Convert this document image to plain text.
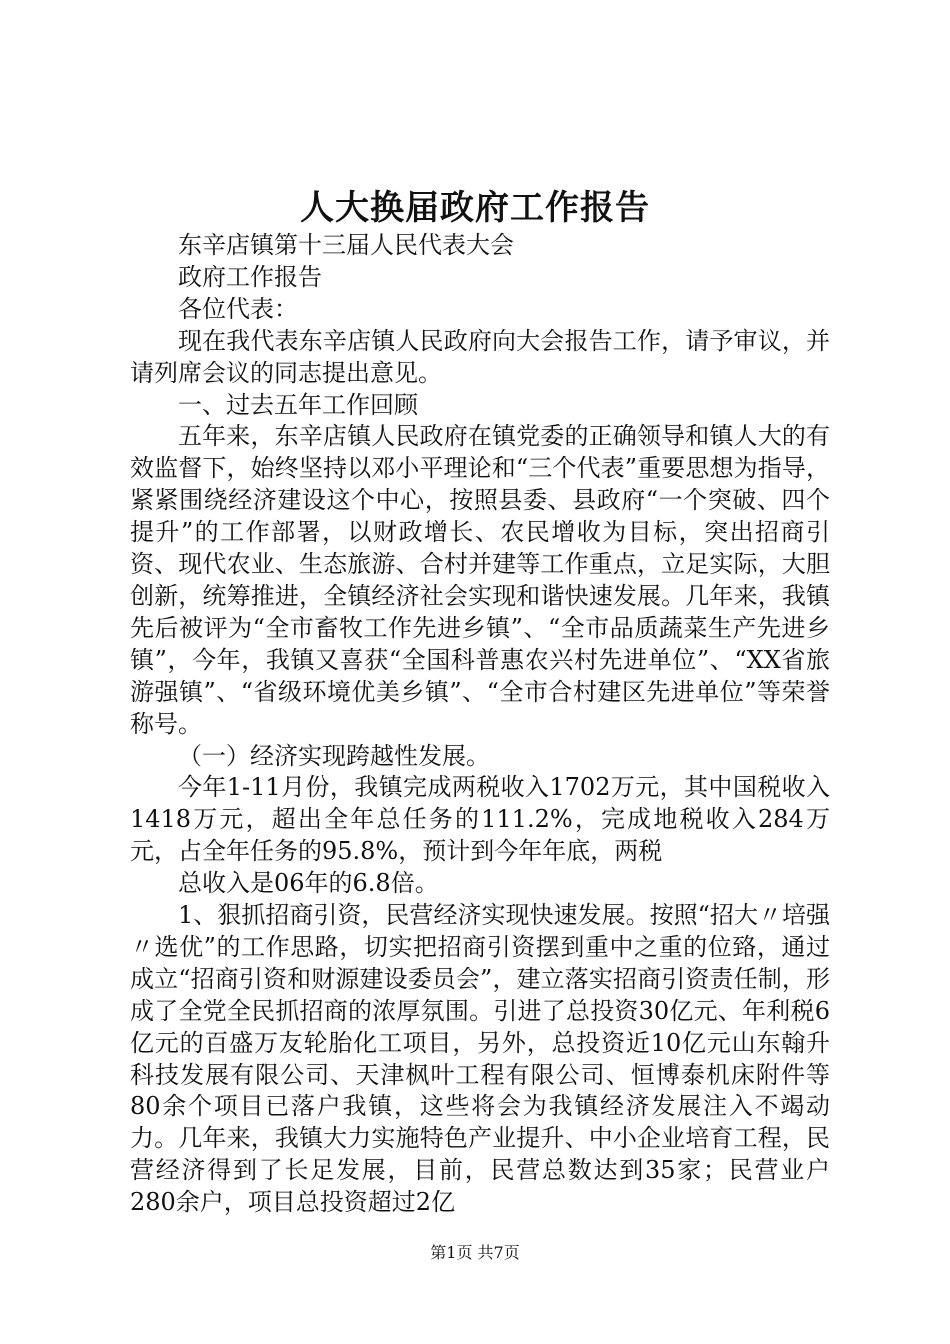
人大换届政府工作报告

东辛店镇第十三届人民代表大会

政府工作报告

各位代表：

现在我代表东辛店镇人民政府向大会报告工作，请予审议，并请列席会议的同志提出意见。

一、过去五年工作回顾

五年来，东辛店镇人民政府在镇党委的正确领导和镇人大的有效监督下，始终坚持以邓小平理论和“三个代表”重要思想为指导，紧紧围绕经济建设这个中心，按照县委、县政府“一个突破、四个提升”的工作部署，以财政增长、农民增收为目标，突出招商引资、现代农业、生态旅游、合村并建等工作重点，立足实际，大胆创新，统筹推进，全镇经济社会实现和谐快速发展。几年来，我镇先后被评为“全市畜牧工作先进乡镇”、“全市品质蔬菜生产先进乡镇”，今年，我镇又喜获“全国科普惠农兴村先进单位”、“XX省旅游强镇”、“省级环境优美乡镇”、“全市合村建区先进单位”等荣誉称号。

（一）经济实现跨越性发展。

今年1-11月份，我镇完成两税收入1702万元，其中国税收入1418万元，超出全年总任务的111.2%，完成地税收入284万元，占全年任务的95.8%，预计到今年年底，两税

总收入是06年的6.8倍。

1、狠抓招商引资，民营经济实现快速发展。按照“招大〃培强〃选优”的工作思路，切实把招商引资摆到重中之重的位臵，通过成立“招商引资和财源建设委员会”，建立落实招商引资责任制，形成了全党全民抓招商的浓厚氛围。引进了总投资30亿元、年利税6亿元的百盛万友轮胎化工项目，另外，总投资近10亿元山东翰升科技发展有限公司、天津枫叶工程有限公司、恒博泰机床附件等80余个项目已落户我镇，这些将会为我镇经济发展注入不竭动力。几年来，我镇大力实施特色产业提升、中小企业培育工程，民营经济得到了长足发展，目前，民营总数达到35家；民营业户280余户，项目总投资超过2亿

第1页 共7页
